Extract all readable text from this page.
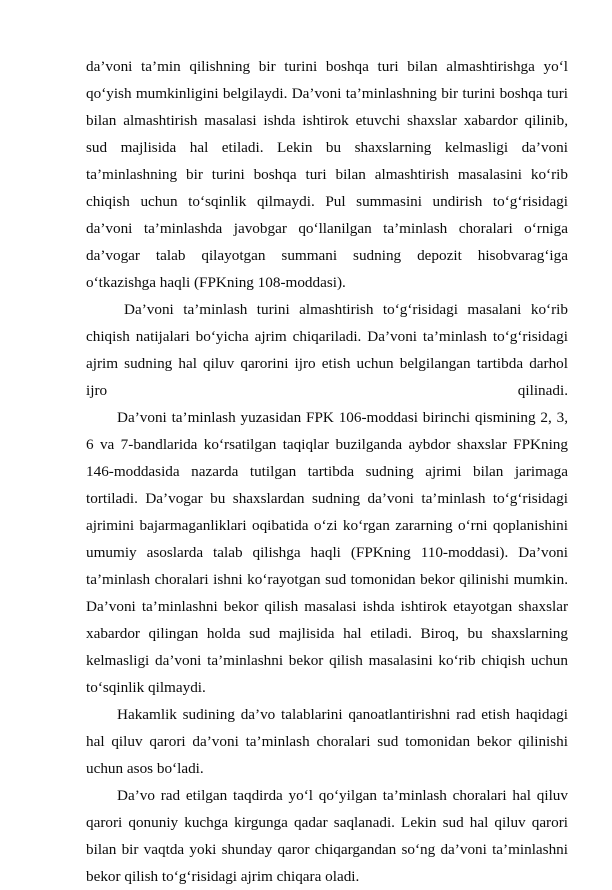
da’voni ta’min qilishning bir turini boshqa turi bilan almashtirishga yo‘l qo‘yish mumkinligini belgilaydi. Da’voni ta’minlashning bir turini boshqa turi bilan almashtirish masalasi ishda ishtirok etuvchi shaxslar xabardor qilinib, sud majlisida hal etiladi. Lekin bu shaxslarning kelmasligi da’voni ta’minlashning bir turini boshqa turi bilan almashtirish masalasini ko‘rib chiqish uchun to‘sqinlik qilmaydi. Pul summasini undirish to‘g‘risidagi da’voni ta’minlashda javobgar qo‘llanilgan ta’minlash choralari o‘rniga da’vogar talab qilayotgan summani sudning depozit hisobvarag‘iga o‘tkazishga haqli (FPKning 108-moddasi).

Da’voni ta’minlash turini almashtirish to‘g‘risidagi masalani ko‘rib chiqish natijalari bo‘yicha ajrim chiqariladi. Da’voni ta’minlash to‘g‘risidagi ajrim sudning hal qiluv qarorini ijro etish uchun belgilangan tartibda darhol ijro qilinadi.

Da’voni ta’minlash yuzasidan FPK 106-moddasi birinchi qismining 2, 3, 6 va 7-bandlarida ko‘rsatilgan taqiqlar buzilganda aybdor shaxslar FPKning 146-moddasida nazarda tutilgan tartibda sudning ajrimi bilan jarimaga tortiladi. Da’vogar bu shaxslardan sudning da’voni ta’minlash to‘g‘risidagi ajrimini bajarmaganliklari oqibatida o‘zi ko‘rgan zararning o‘rni qoplanishini umumiy asoslarda talab qilishga haqli (FPKning 110-moddasi). Da’voni ta’minlash choralari ishni ko‘rayotgan sud tomonidan bekor qilinishi mumkin. Da’voni ta’minlashni bekor qilish masalasi ishda ishtirok etayotgan shaxslar xabardor qilingan holda sud majlisida hal etiladi. Biroq, bu shaxslarning kelmasligi da’voni ta’minlashni bekor qilish masalasini ko‘rib chiqish uchun to‘sqinlik qilmaydi.

Hakamlik sudining da’vo talablarini qanoatlantirishni rad etish haqidagi hal qiluv qarori da’voni ta’minlash choralari sud tomonidan bekor qilinishi uchun asos bo‘ladi.

Da’vo rad etilgan taqdirda yo‘l qo‘yilgan ta’minlash choralari hal qiluv qarori qonuniy kuchga kirgunga qadar saqlanadi. Lekin sud hal qiluv qarori bilan bir vaqtda yoki shunday qaror chiqargandan so‘ng da’voni ta’minlashni bekor qilish to‘g‘risidagi ajrim chiqara oladi.
